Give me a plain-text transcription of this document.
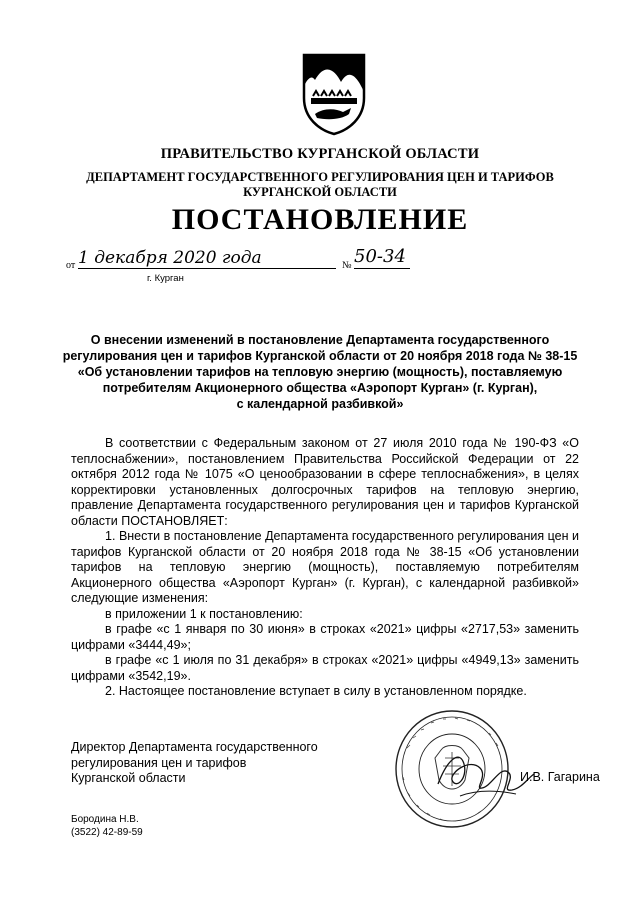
ПРАВИТЕЛЬСТВО КУРГАНСКОЙ ОБЛАСТИ
ДЕПАРТАМЕНТ ГОСУДАРСТВЕННОГО РЕГУЛИРОВАНИЯ ЦЕН И ТАРИФОВ
КУРГАНСКОЙ ОБЛАСТИ
ПОСТАНОВЛЕНИЕ
от 1 декабря 2020 года	№ 50-34
г. Курган
О внесении изменений в постановление Департамента государственного
регулирования цен и тарифов Курганской области от 20 ноября 2018 года № 38-15
«Об установлении тарифов на тепловую энергию (мощность), поставляемую
потребителям Акционерного общества «Аэропорт Курган» (г. Курган),
с календарной разбивкой»

В соответствии с Федеральным законом от 27 июля 2010 года № 190-ФЗ «О теплоснабжении», постановлением Правительства Российской Федерации от 22 октября 2012 года № 1075 «О ценообразовании в сфере теплоснабжения», в целях корректировки установленных долгосрочных тарифов на тепловую энергию, правление Департамента государственного регулирования цен и тарифов Курганской области ПОСТАНОВЛЯЕТ:

1. Внести в постановление Департамента государственного регулирования цен и тарифов Курганской области от 20 ноября 2018 года № 38-15 «Об установлении тарифов на тепловую энергию (мощность), поставляемую потребителям Акционерного общества «Аэропорт Курган» (г. Курган), с календарной разбивкой» следующие изменения:

в приложении 1 к постановлению:

в графе «с 1 января по 30 июня» в строках «2021» цифры «2717,53» заменить цифрами «3444,49»;

в графе «с 1 июля по 31 декабря» в строках «2021» цифры «4949,13» заменить цифрами «3542,19».

2. Настоящее постановление вступает в силу в установленном порядке.

Директор Департамента государственного
регулирования цен и тарифов
Курганской области	И.В. Гагарина
Бородина Н.В.
(3522) 42-89-59
